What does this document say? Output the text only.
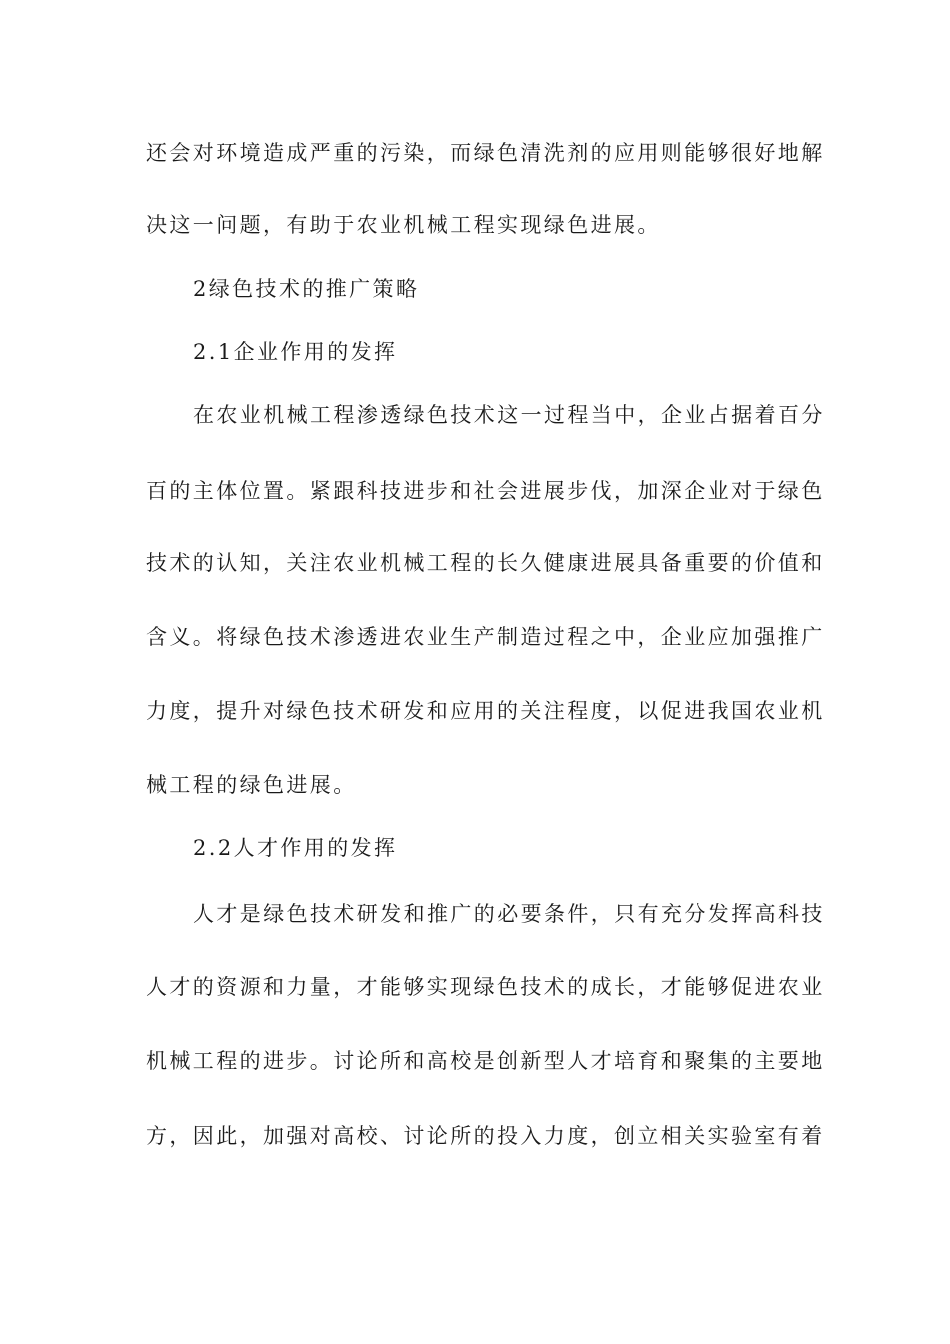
还会对环境造成严重的污染，而绿色清洗剂的应用则能够很好地解
决这一问题，有助于农业机械工程实现绿色进展。
2绿色技术的推广策略
2.1企业作用的发挥
在农业机械工程渗透绿色技术这一过程当中，企业占据着百分
百的主体位置。紧跟科技进步和社会进展步伐，加深企业对于绿色
技术的认知，关注农业机械工程的长久健康进展具备重要的价值和
含义。将绿色技术渗透进农业生产制造过程之中，企业应加强推广
力度，提升对绿色技术研发和应用的关注程度，以促进我国农业机
械工程的绿色进展。
2.2人才作用的发挥
人才是绿色技术研发和推广的必要条件，只有充分发挥高科技
人才的资源和力量，才能够实现绿色技术的成长，才能够促进农业
机械工程的进步。讨论所和高校是创新型人才培育和聚集的主要地
方，因此，加强对高校、讨论所的投入力度，创立相关实验室有着
